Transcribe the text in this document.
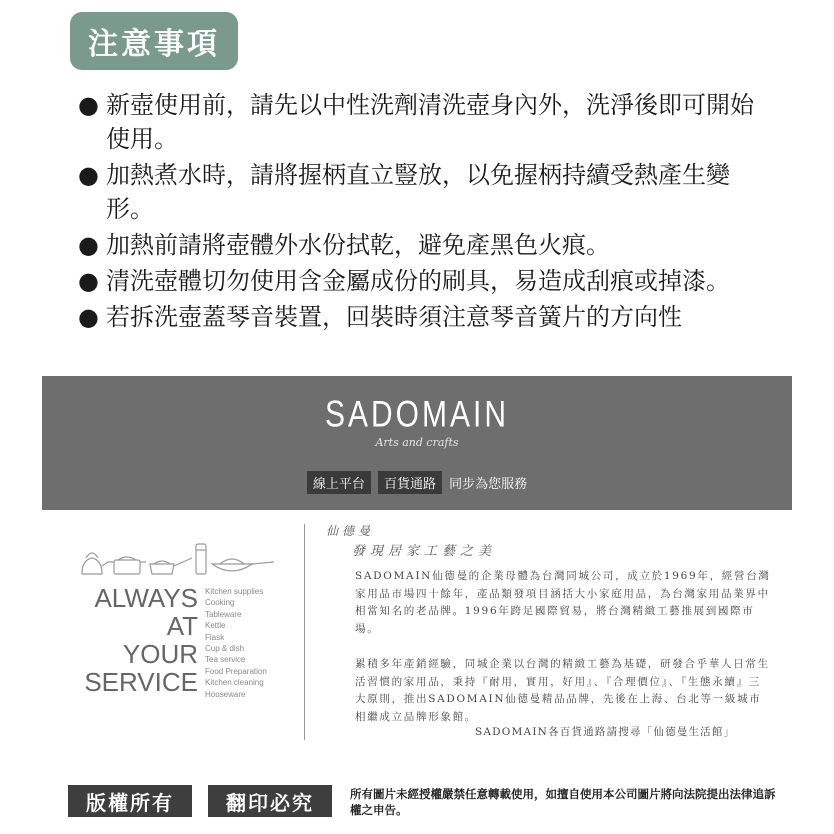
注意事項
● 新壺使用前，請先以中性洗劑清洗壺身內外，洗淨後即可開始使用。
● 加熱煮水時，請將握柄直立豎放，以免握柄持續受熱產生變形。
● 加熱前請將壺體外水份拭乾，避免產黑色火痕。
● 清洗壺體切勿使用含金屬成份的刷具，易造成刮痕或掉漆。
● 若拆洗壺蓋琴音裝置，回裝時須注意琴音簧片的方向性
SADOMAIN
Arts and crafts
線上平台 百貨通路 同步為您服務
ALWAYS AT
YOUR
SERVICE
Kitchen supplies
Cooking
Tableware
Kettle
Flask
Cup & dish
Tea service
Food Preparation
Kitchen cleaning
Houseware
仙德曼
發現居家工藝之美
SADOMAIN仙德曼的企業母體為台灣同城公司，成立於1969年，經營台灣家用品市場四十餘年，產品類發項目涵括大小家庭用品，為台灣家用品業界中相當知名的老品牌。1996年跨足國際貿易，將台灣精緻工藝推展到國際市場。
累積多年產銷經驗，同城企業以台灣的精緻工藝為基礎，研發合乎華人日常生活習慣的家用品，秉持『耐用，實用，好用』、『合理價位』、『生態永續』三大原則，推出SADOMAIN仙德曼精品品牌，先後在上海、台北等一級城市相繼成立品牌形象館。
SADOMAIN各百貨通路請搜尋「仙德曼生活館」
版權所有	翻印必究	所有圖片未經授權嚴禁任意轉載使用，如擅自使用本公司圖片將向法院提出法律追訴權之申告。
